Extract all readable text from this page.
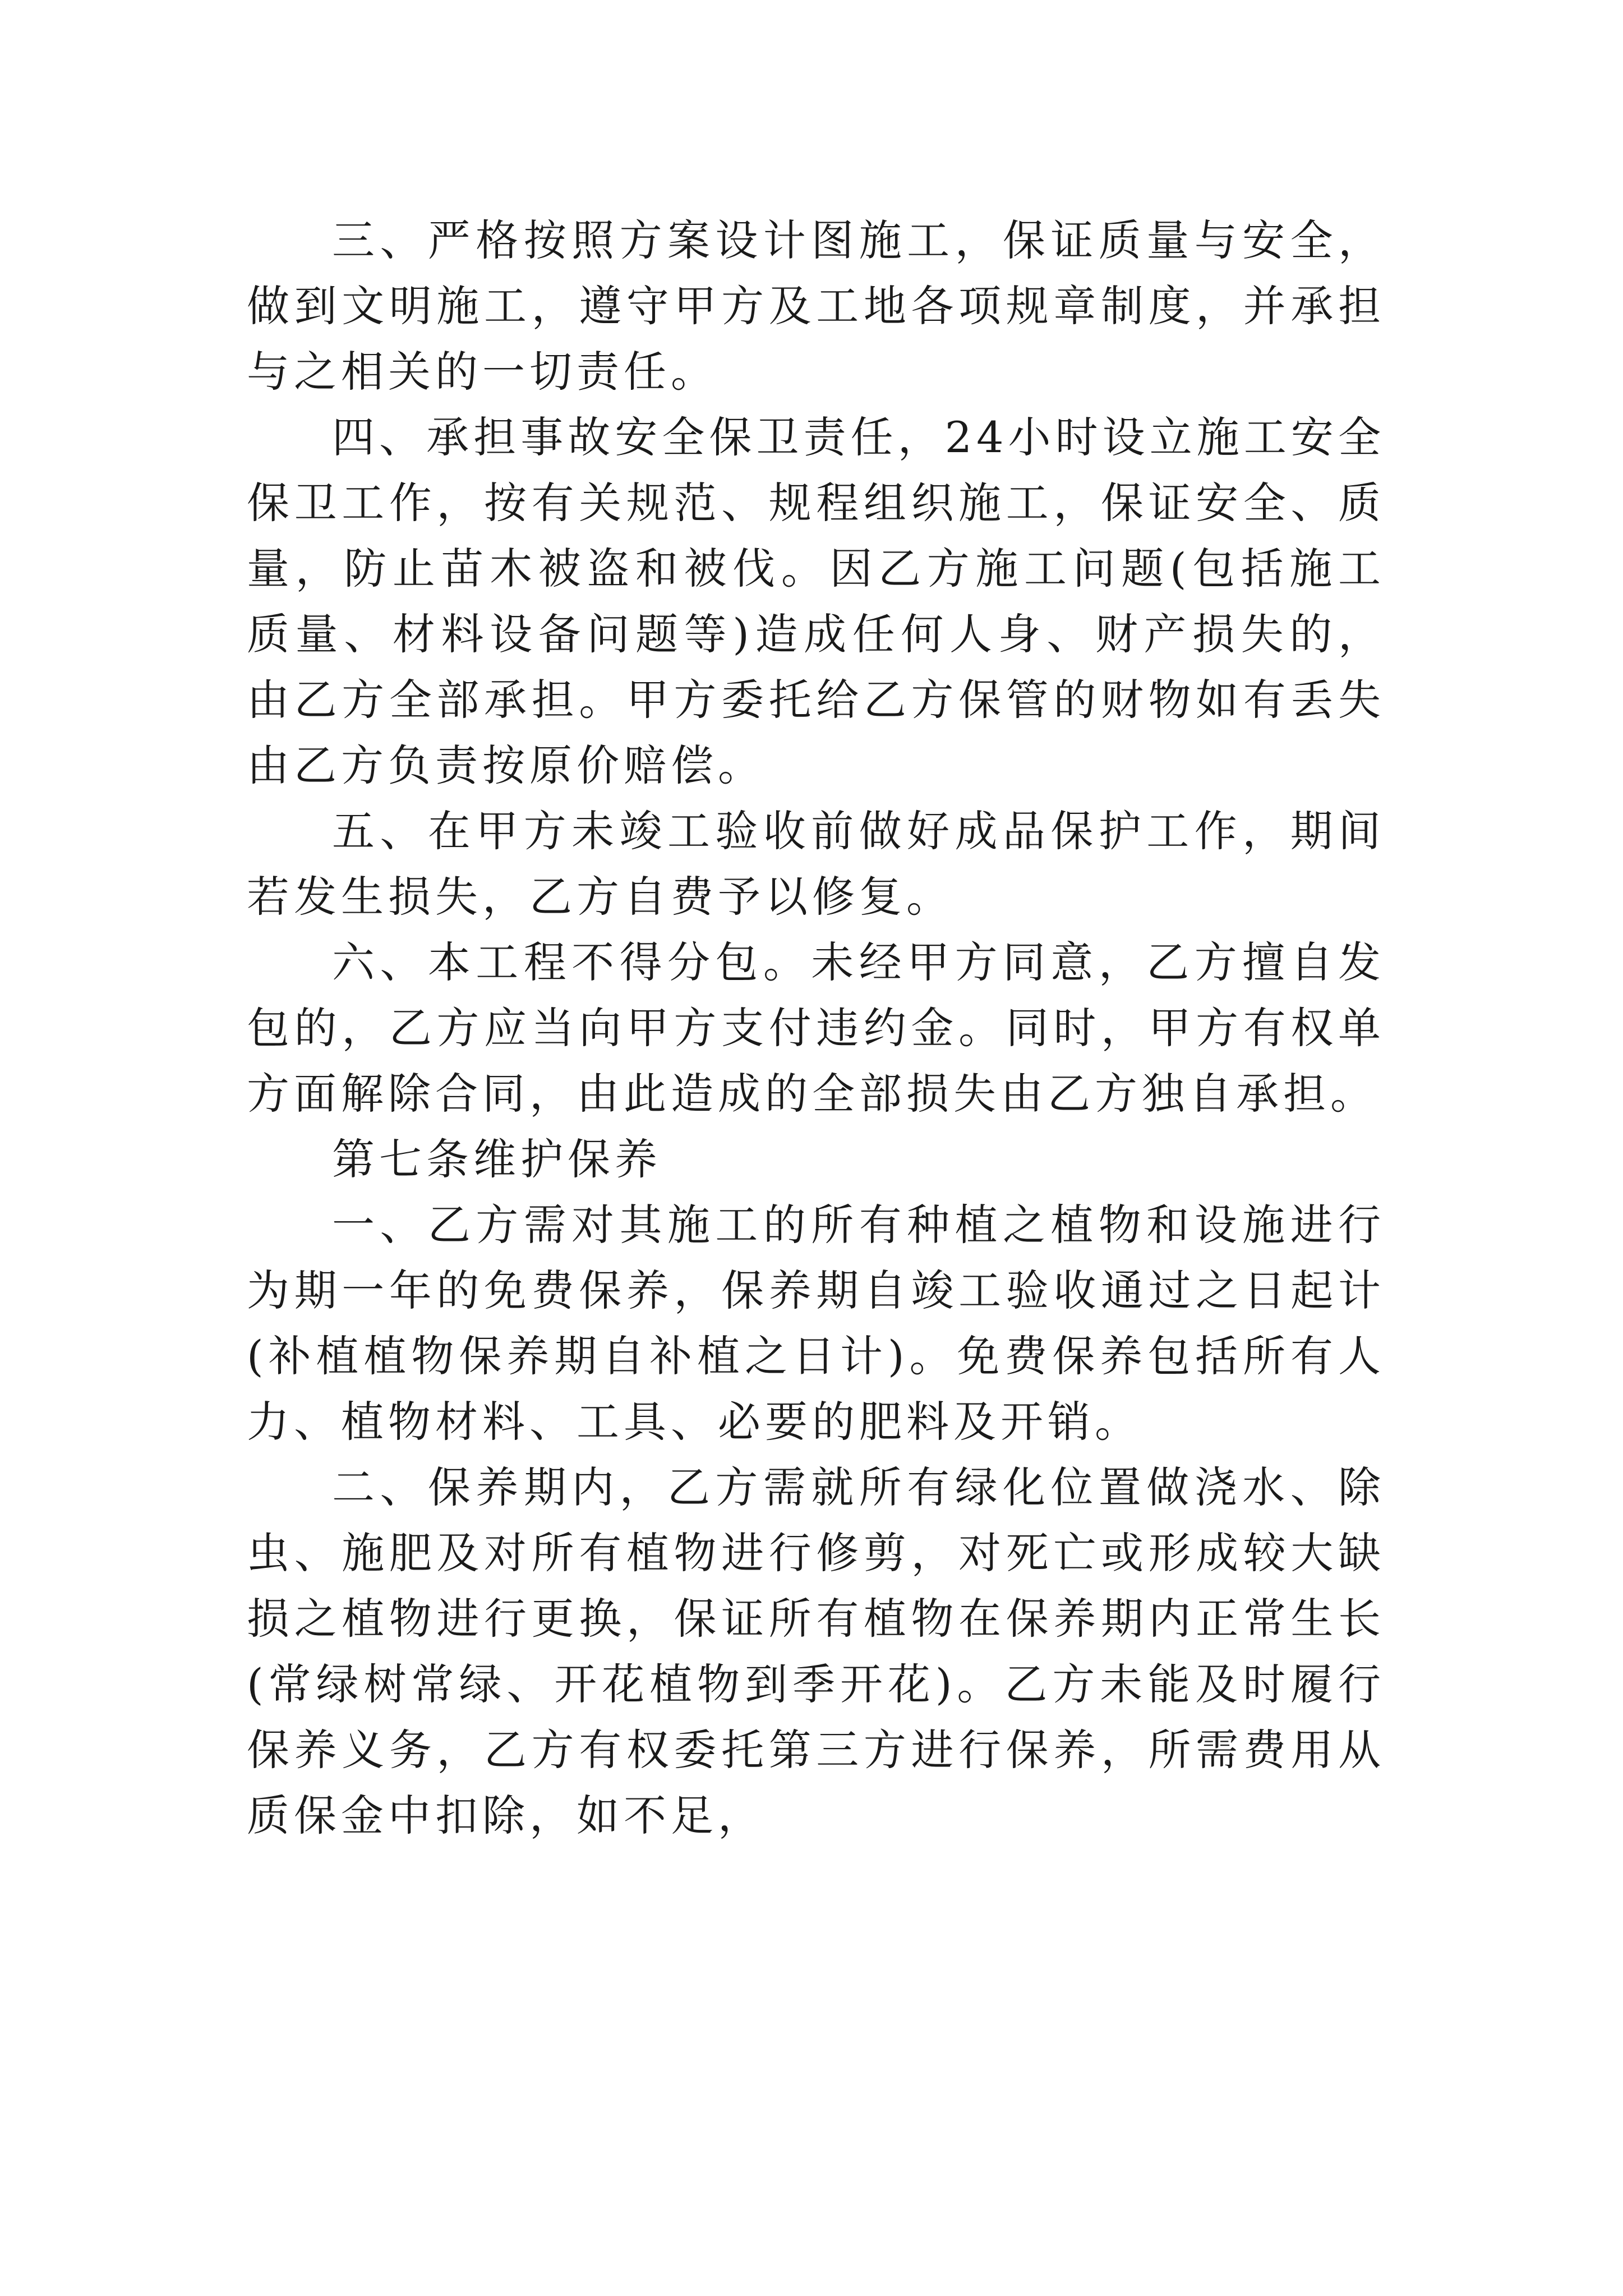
三、严格按照方案设计图施工，保证质量与安全，做到文明施工，遵守甲方及工地各项规章制度，并承担与之相关的一切责任。

四、承担事故安全保卫责任，24小时设立施工安全保卫工作，按有关规范、规程组织施工，保证安全、质量，防止苗木被盗和被伐。因乙方施工问题(包括施工质量、材料设备问题等)造成任何人身、财产损失的，由乙方全部承担。甲方委托给乙方保管的财物如有丢失由乙方负责按原价赔偿。

五、在甲方未竣工验收前做好成品保护工作，期间若发生损失，乙方自费予以修复。

六、本工程不得分包。未经甲方同意，乙方擅自发包的，乙方应当向甲方支付违约金。同时，甲方有权单方面解除合同，由此造成的全部损失由乙方独自承担。

第七条维护保养

一、乙方需对其施工的所有种植之植物和设施进行为期一年的免费保养，保养期自竣工验收通过之日起计(补植植物保养期自补植之日计)。免费保养包括所有人力、植物材料、工具、必要的肥料及开销。

二、保养期内，乙方需就所有绿化位置做浇水、除虫、施肥及对所有植物进行修剪，对死亡或形成较大缺损之植物进行更换，保证所有植物在保养期内正常生长(常绿树常绿、开花植物到季开花)。乙方未能及时履行保养义务，乙方有权委托第三方进行保养，所需费用从质保金中扣除，如不足，
